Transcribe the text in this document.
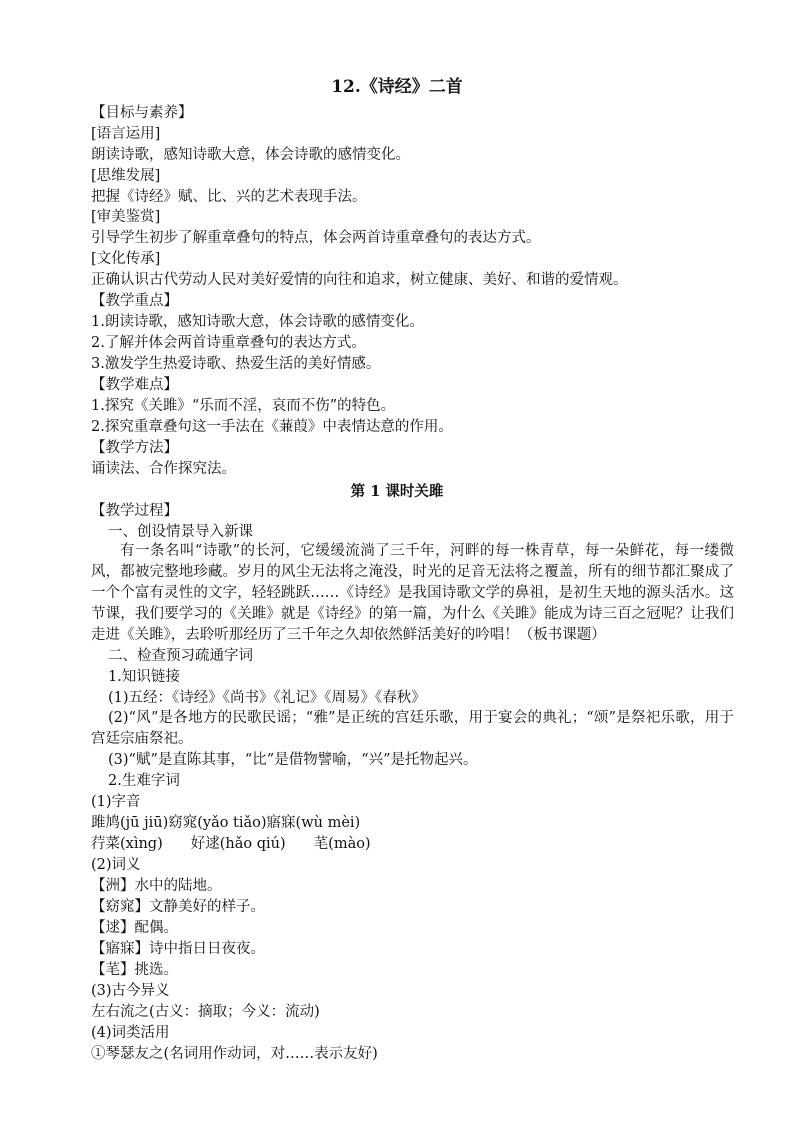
12.《诗经》二首
【目标与素养】
[语言运用]
朗读诗歌，感知诗歌大意，体会诗歌的感情变化。
[思维发展]
把握《诗经》赋、比、兴的艺术表现手法。
[审美鉴赏]
引导学生初步了解重章叠句的特点，体会两首诗重章叠句的表达方式。
[文化传承]
正确认识古代劳动人民对美好爱情的向往和追求，树立健康、美好、和谐的爱情观。
【教学重点】
1.朗读诗歌，感知诗歌大意，体会诗歌的感情变化。
2.了解并体会两首诗重章叠句的表达方式。
3.激发学生热爱诗歌、热爱生活的美好情感。
【教学难点】
1.探究《关雎》“乐而不淫，哀而不伤”的特色。
2.探究重章叠句这一手法在《蒹葭》中表情达意的作用。
【教学方法】
诵读法、合作探究法。
第 1 课时关雎
【教学过程】
一、创设情景导入新课
有一条名叫“诗歌”的长河，它缓缓流淌了三千年，河畔的每一株青草，每一朵鲜花，每一缕微风，都被完整地珍藏。岁月的风尘无法将之淹没，时光的足音无法将之覆盖，所有的细节都汇聚成了一个个富有灵性的文字，轻轻跳跃……《诗经》是我国诗歌文学的鼻祖，是初生天地的源头活水。这节课，我们要学习的《关雎》就是《诗经》的第一篇，为什么《关雎》能成为诗三百之冠呢？让我们走进《关雎》，去聆听那经历了三千年之久却依然鲜活美好的吟唱！（板书课题）
二、检查预习疏通字词
1.知识链接
(1)五经：《诗经》《尚书》《礼记》《周易》《春秋》
(2)“风”是各地方的民歌民谣；“雅”是正统的宫廷乐歌，用于宴会的典礼；“颂”是祭祀乐歌，用于宫廷宗庙祭祀。
(3)“赋”是直陈其事，“比”是借物譬喻，“兴”是托物起兴。
2.生难字词
(1)字音
雎鸠(jū jiū)窈窕(yǎo tiǎo)寤寐(wù mèi)
荇菜(xìng) 好逑(hǎo qiú) 芼(mào)
(2)词义
【洲】水中的陆地。
【窈窕】文静美好的样子。
【逑】配偶。
【寤寐】诗中指日日夜夜。
【芼】挑选。
(3)古今异义
左右流之(古义：摘取；今义：流动)
(4)词类活用
①琴瑟友之(名词用作动词，对……表示友好)
